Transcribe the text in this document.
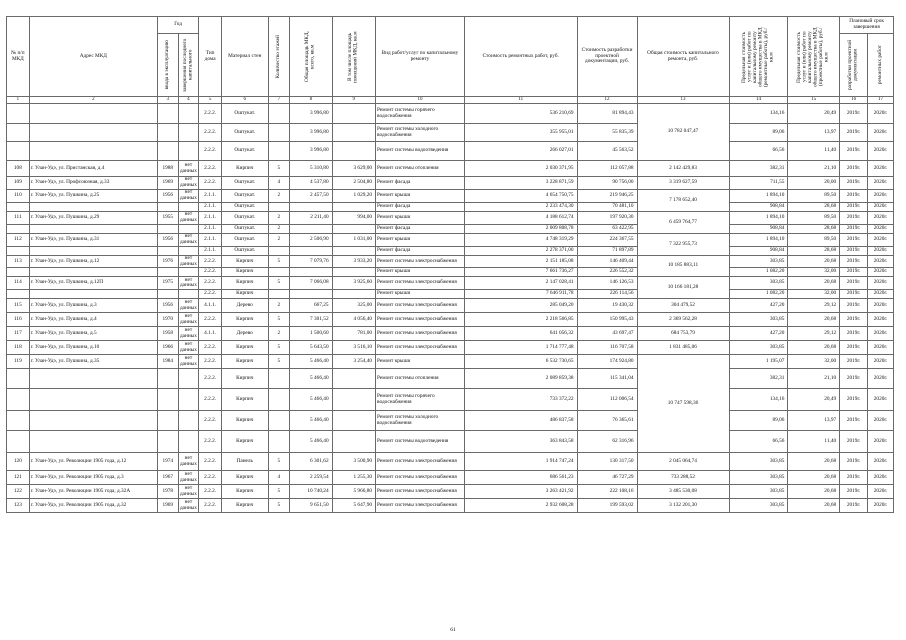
№ п/п МКД	Адрес МКД	Год		Тип дома	Материал стен	Количество этажей	Общая площадь МКД, всего, кв.м	В том числе площадь помещений МКД, кв.м	Вид работ/услуг по капитальному ремонту	Стоимость ремонтных работ, руб.	Стоимость разработки проектной документации, руб.	Общая стоимость капитального ремонта, руб.	Предельная стоимость услуг и (или) работ по капитальному ремонту общего имущества в МКД (ремонтные работы), руб./кв.м	Предельная стоимость услуг и (или) работ по капитальному ремонту общего имущества в МКД (проектные работы), руб./кв.м	Плановый срок завершения	

		ввода в эксплуатацию	завершения последнего капитального												разработки проектной документации	ремонтных работ

1	2	3	4	5	6	7	8	9	10	11	12	13	14	15	16	17
				2.2.2.	Оштукат.		3 996,80		Ремонт системы горячего водоснабжения	536 210,69	81 894,43	10 782 047,47	134,16	20,49	2019г.	2020г.
				2.2.2.	Оштукат.		3 996,80		Ремонт системы холодного водоснабжения	355 955,01	55 835,39		89,06	13,97	2019г.	2020г.
				2.2.2.	Оштукат.		3 996,80		Ремонт системы водоотведения	266 027,01	45 563,52		66,56	11,40	2019г.	2020г.
108	г. Улан-Удэ, ул. Пристанская, д.4	1988	нет данных	2.2.2.	Кирпич	5	5 310,80	3 629,00	Ремонт системы отопления	2 030 371,95	112 057,88	2 142 429,83	382,31	21,10	2019г.	2020г.
109	г. Улан-Удэ, ул. Профсоюзная, д.33	1969	нет данных	2.2.2.	Оштукат.	4	4 537,80	2 504,80	Ремонт фасада	3 228 871,59	90 756,00	3 319 627,59	711,55	20,00	2019г.	2020г.
110	г. Улан-Удэ, ул. Пушкина, д.25	1956	нет данных	2.1.1.	Оштукат.	2	2 457,50	1 029,20	Ремонт крыши	4 654 750,75	219 946,25	7 178 652,40	1 894,10	89,50	2019г.	2020г.
				2.1.1.	Оштукат.				Ремонт фасада	2 233 474,30	70 481,10		908,84	28,68	2019г.	2020г.
111	г. Улан-Удэ, ул. Пушкина, д.29	1955	нет данных	2.1.1.	Оштукат.	2	2 211,40	994,00	Ремонт крыши	4 188 612,74	197 920,30	6 459 764,77	1 894,10	89,50	2019г.	2020г.
				2.1.1.	Оштукат.	2			Ремонт фасада	2 009 808,78	63 422,95		908,84	28,68	2019г.	2020г.
112	г. Улан-Удэ, ул. Пушкина, д.31	1956	нет данных	2.1.1.	Оштукат.	2	2 506,90	1 031,00	Ремонт крыши	4 748 319,29	224 367,55	7 322 955,73	1 894,10	89,50	2019г.	2020г.
				2.1.1.	Оштукат.				Ремонт фасада	2 278 371,00	71 897,89		908,84	28,68	2019г.	2020г.
113	г. Улан-Удэ, ул. Пушкина, д.12	1976	нет данных	2.2.2.	Кирпич	5	7 079,76	3 933,20	Ремонт системы электроснабжения	2 151 185,08	146 409,44	10 185 883,11	303,85	20,68	2019г.	2020г.
				2.2.2.	Кирпич				Ремонт крыши	7 661 736,27	226 552,32		1 082,20	32,00	2019г.	2020г.
114	г. Улан-Удэ, ул. Пушкина, д.12П	1975	нет данных	2.2.2.	Кирпич	5	7 066,08	3 925,60	Ремонт системы электроснабжения	2 147 028,41	146 126,53	10 166 181,28	303,85	20,68	2019г.	2020г.
				2.2.2.	Кирпич				Ремонт крыши	7 646 911,78	226 114,56		1 082,20	32,00	2019г.	2020г.
115	г. Улан-Удэ, ул. Пушкина, д.3	1956	нет данных	4.1.1.	Дерево	2	667,25	325,00	Ремонт системы электроснабжения	285 049,20	19 430,32	304 479,52	427,20	29,12	2019г.	2020г.
116	г. Улан-Удэ, ул. Пушкина, д.4	1970	нет данных	2.2.2.	Кирпич	5	7 301,52	4 056,40	Ремонт системы электроснабжения	2 218 566,85	150 995,43	2 369 562,28	303,85	20,68	2019г.	2020г.
117	г. Улан-Удэ, ул. Пушкина, д.5	1958	нет данных	4.1.1.	Дерево	2	1 500,60	781,00	Ремонт системы электроснабжения	641 056,32	43 697,47	684 753,79	427,20	29,12	2019г.	2020г.
118	г. Улан-Удэ, ул. Пушкина, д.10	1966	нет данных	2.2.2.	Кирпич	5	5 643,50	3 516,10	Ремонт системы электроснабжения	1 714 777,48	116 707,58	1 831 485,06	303,85	20,68	2019г.	2020г.
119	г. Улан-Удэ, ул. Пушкина, д.35	1984	нет данных	2.2.2.	Кирпич	5	5 466,40	3 254,40	Ремонт крыши	6 532 730,65	174 924,80	10 747 598,36	1 195,07	32,00	2019г.	2020г.
				2.2.2.	Кирпич		5 466,40		Ремонт системы отопления	2 089 859,38	115 341,04		382,31	21,10	2019г.	2020г.
				2.2.2.	Кирпич		5 466,40		Ремонт системы горячего водоснабжения	733 372,22	112 006,54		134,16	20,49	2019г.	2020г.
				2.2.2.	Кирпич		5 466,40		Ремонт системы холодного водоснабжения	486 837,58	76 365,61		89,06	13,97	2019г.	2020г.
				2.2.2.	Кирпич		5 466,40		Ремонт системы водоотведения	363 843,58	62 316,96		66,56	11,40	2019г.	2020г.
120	г. Улан-Удэ, ул. Революции 1905 года, д.12	1974	нет данных	2.2.2.	Панель	5	6 301,62	3 500,90	Ремонт системы электроснабжения	1 914 747,24	130 317,50	2 045 064,74	303,85	20,68	2019г.	2020г.
121	г. Улан-Удэ, ул. Революции 1905 года, д.3	1967	нет данных	2.2.2.	Кирпич	4	2 259,54	1 255,30	Ремонт системы электроснабжения	686 561,23	46 727,29	733 288,52	303,85	20,68	2019г.	2020г.
122	г. Улан-Удэ, ул. Революции 1905 года, д.32А	1978	нет данных	2.2.2.	Кирпич	5	10 740,24	5 966,80	Ремонт системы электроснабжения	3 263 421,92	222 108,16	3 485 530,08	303,85	20,68	2019г.	2020г.
123	г. Улан-Удэ, ул. Революции 1905 года, д.32	1969	нет данных	2.2.2.	Кирпич	5	9 651,50	5 647,90	Ремонт системы электроснабжения	2 932 608,28	199 593,02	3 132 201,30	303,85	20,68	2019г.	2020г.
61
